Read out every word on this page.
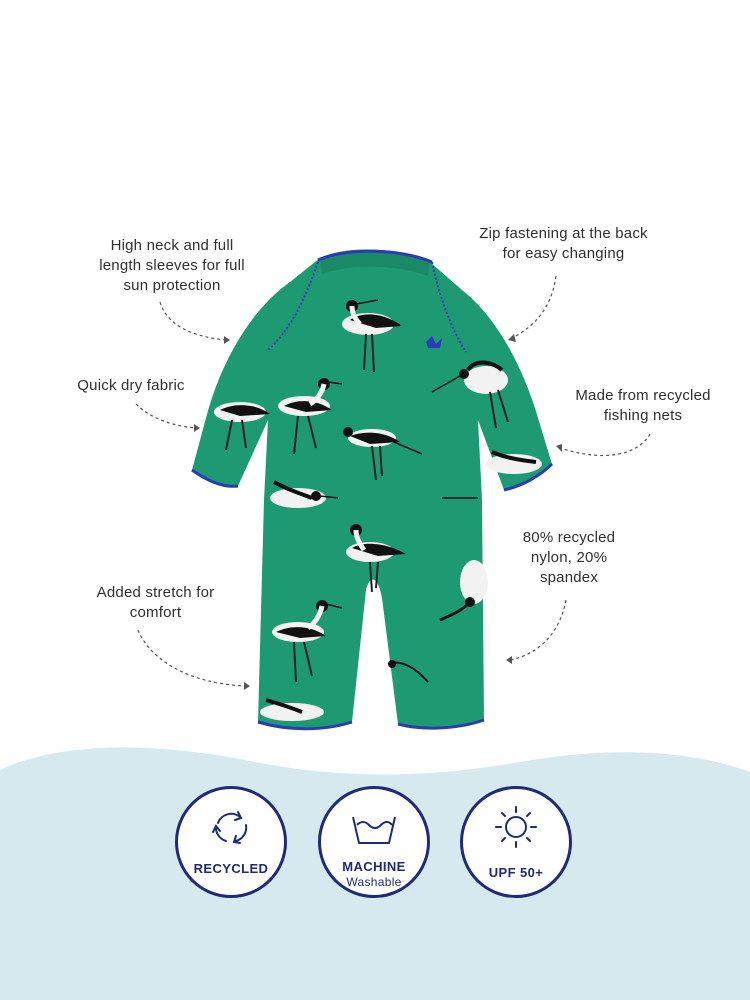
High neck and full
length sleeves for full
sun protection
Quick dry fabric
Added stretch for
comfort
Zip fastening at the back
for easy changing
Made from recycled
fishing nets
80% recycled
nylon, 20%
spandex
RECYCLED	MACHINE
Washable
UPF 50+
